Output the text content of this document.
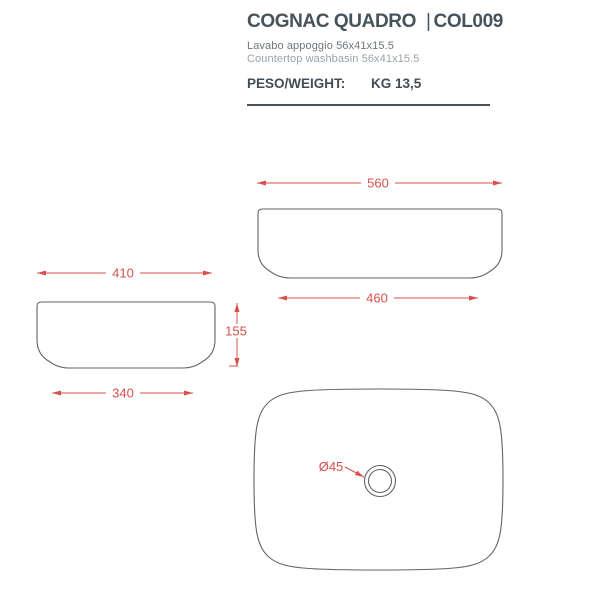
COGNAC QUADRO | COL009
Lavabo appoggio 56x41x15.5
Countertop washbasin 56x41x15.5
PESO/WEIGHT: KG 13,5
560
460
410
340
155
Ø45
